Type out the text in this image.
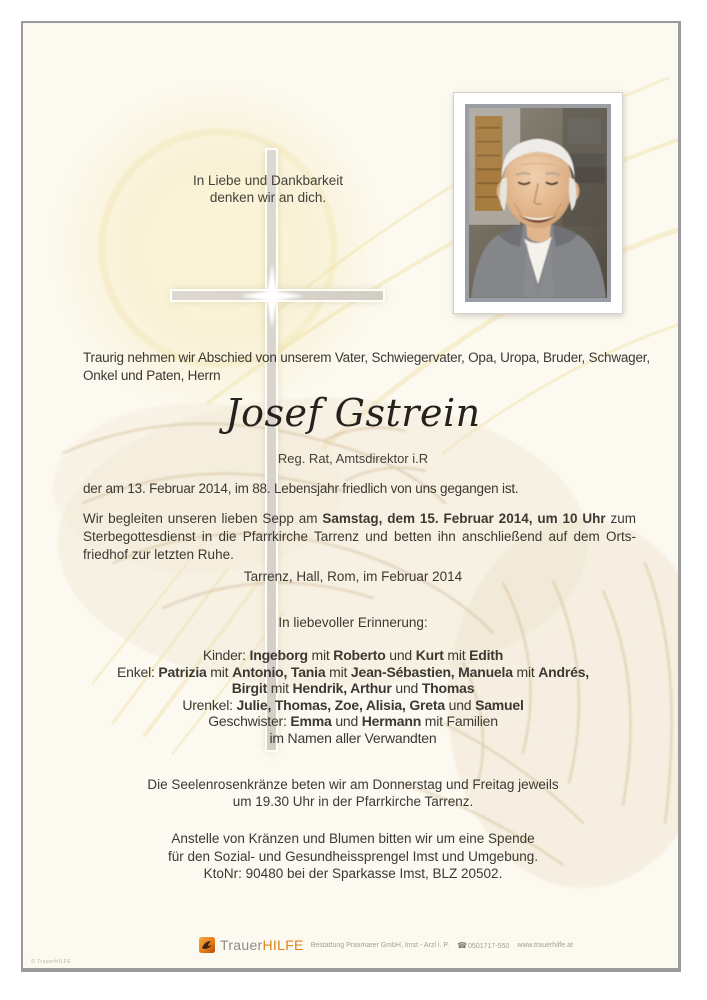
In Liebe und Dankbarkeit
denken wir an dich.
Traurig nehmen wir Abschied von unserem Vater, Schwiegervater, Opa, Uropa, Bruder, Schwager,
Onkel und Paten, Herrn
Josef Gstrein
Reg. Rat, Amtsdirektor i.R
der am 13. Februar 2014, im 88. Lebensjahr friedlich von uns gegangen ist.
Wir begleiten unseren lieben Sepp am Samstag, dem 15. Februar 2014, um 10 Uhr zum
Sterbegottesdienst in die Pfarrkirche Tarrenz und betten ihn anschließend auf dem Orts-
friedhof zur letzten Ruhe.
Tarrenz, Hall, Rom, im Februar 2014
In liebevoller Erinnerung:
Kinder: Ingeborg mit Roberto und Kurt mit Edith
Enkel: Patrizia mit Antonio, Tania mit Jean-Sébastien, Manuela mit Andrés,
Birgit mit Hendrik, Arthur und Thomas
Urenkel: Julie, Thomas, Zoe, Alisia, Greta und Samuel
Geschwister: Emma und Hermann mit Familien
im Namen aller Verwandten
Die Seelenrosenkränze beten wir am Donnerstag und Freitag jeweils
um 19.30 Uhr in der Pfarrkirche Tarrenz.
Anstelle von Kränzen und Blumen bitten wir um eine Spende
für den Sozial- und Gesundheissprengel Imst und Umgebung.
KtoNr: 90480 bei der Sparkasse Imst, BLZ 20502.
© TrauerHILFE
TrauerHILFE Bestattung Praxmarer GmbH, Imst - Arzl i. P. ☎0501717-550 www.trauerhilfe.at
